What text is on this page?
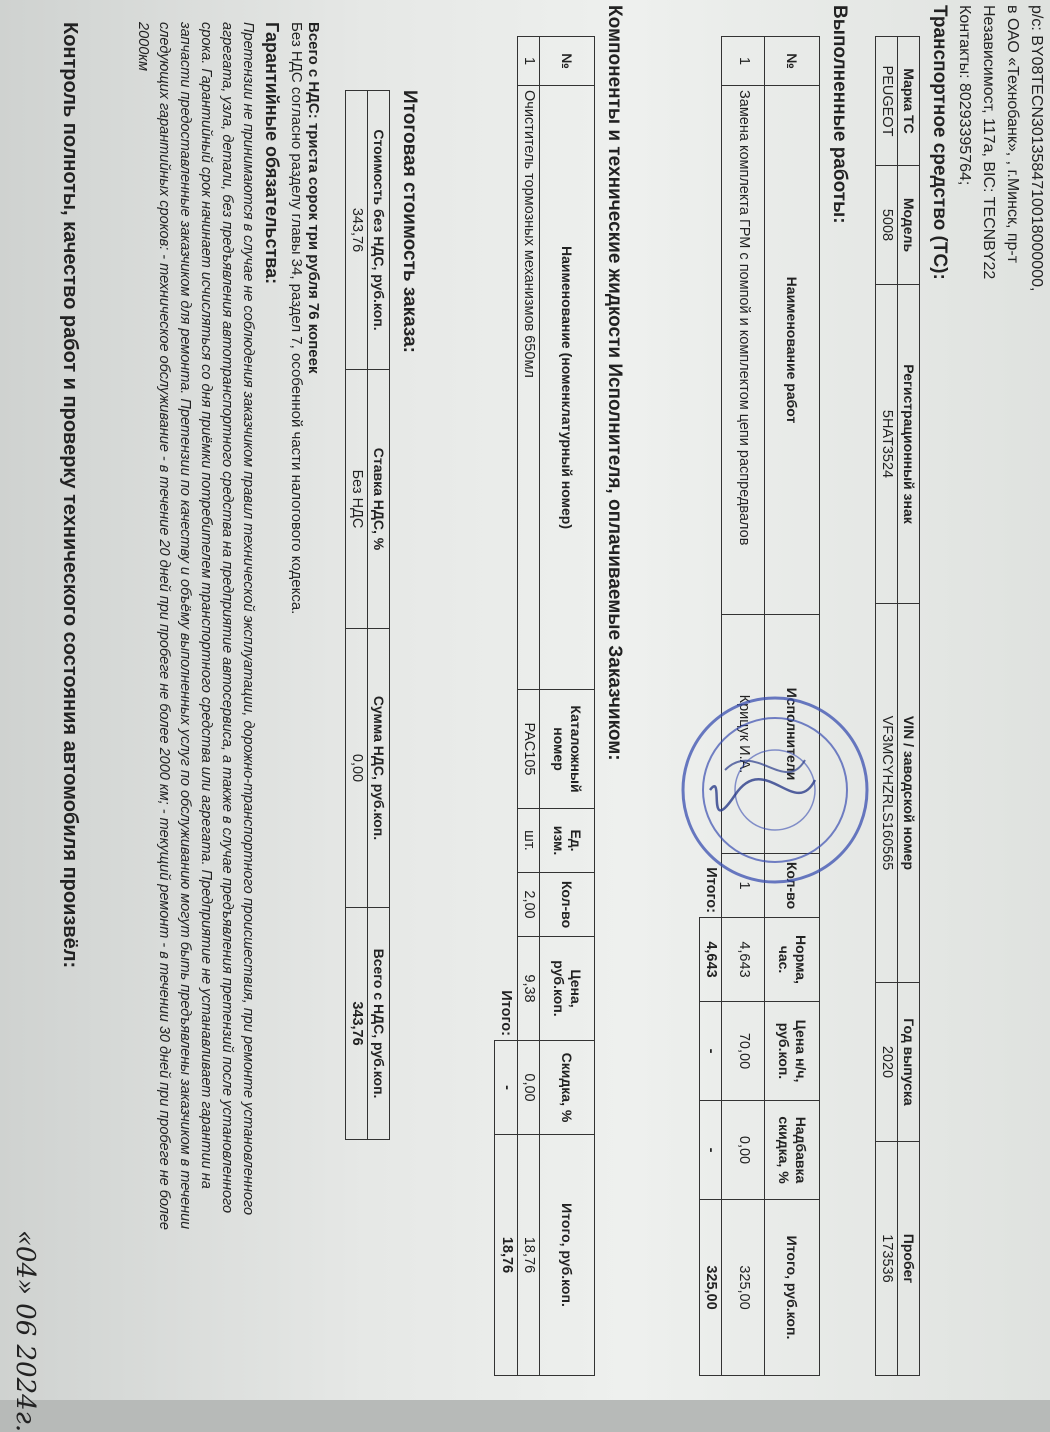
р/с: BY08TECN3013584710018000000,
в ОАО «Технобанк», , г.Минск, пр-т
Независимост, 117а, BIC: TECNBY22
Контакты: 80293395764;
Транспортное средство (ТС):
Марка ТС	Модель	Регистрационный знак	VIN / заводской номер	Год выпуска	Пробег
PEUGEOT	5008	5НАТ3524	VF3MCYHZRLS160565	2020	173536
Выполненные работы:
№	Наименование работ	Исполнители	Кол-во	Норма, час.	Цена н/ч, руб.коп.	Надбавка скидка, %	Итого, руб.коп.
1	Замена комплекта ГРМ с помпой и комплектом цепи распредвалов	Крицук И.А.	1	4,643	70,00	0,00	325,00
			Итого:	4,643	-	-	325,00
Компоненты и технические жидкости Исполнителя, оплачиваемые Заказчиком:
№	Наименование (номенклатурный номер)	Каталожный номер	Ед. изм.	Кол-во	Цена, руб.коп.	Скидка, %	Итого, руб.коп.
1	Очиститель тормозных механизмов 650мл	PAC105	шт.	2,00	9,38	0,00	18,76
					Итого:	-	18,76
Итоговая стоимость заказа:
Стоимость без НДС, руб.коп.	Ставка НДС, %	Сумма НДС, руб.коп.	Всего с НДС, руб.коп.
343,76	Без НДС	0,00	343,76
Всего с НДС: триста сорок три рубля 76 копеек
Без НДС согласно разделу главы 34, раздел 7, особенной части налогового кодекса.
Гарантийные обязательства:
Претензии не принимаются в случае не соблюдения заказчиком правил технической эксплуатации, дорожно-транспортного происшествия, при ремонте установленного агрегата, узла, детали, без предъявления автотранспортного средства на предприятие автосервиса, а также в случае предъявления претензий после установленного срока. Гарантийный срок начинает исчисляться со дня приёмки потребителем транспортного средства или агрегата. Предприятие не устанавливает гарантии на запчасти предоставленные заказчиком для ремонта. Претензии по качеству и объёму выполненных услуг по обслуживанию могут быть предъявлены заказчиком в течении следующих гарантийных сроков: - техническое обслуживание - в течение 20 дней при пробеге не более 2000 км; - текущий ремонт - в течении 30 дней при пробеге не более 2000км
Контроль полноты, качество работ и проверку технического состояния автомобиля произвёл:
«04» 06 2024г.
